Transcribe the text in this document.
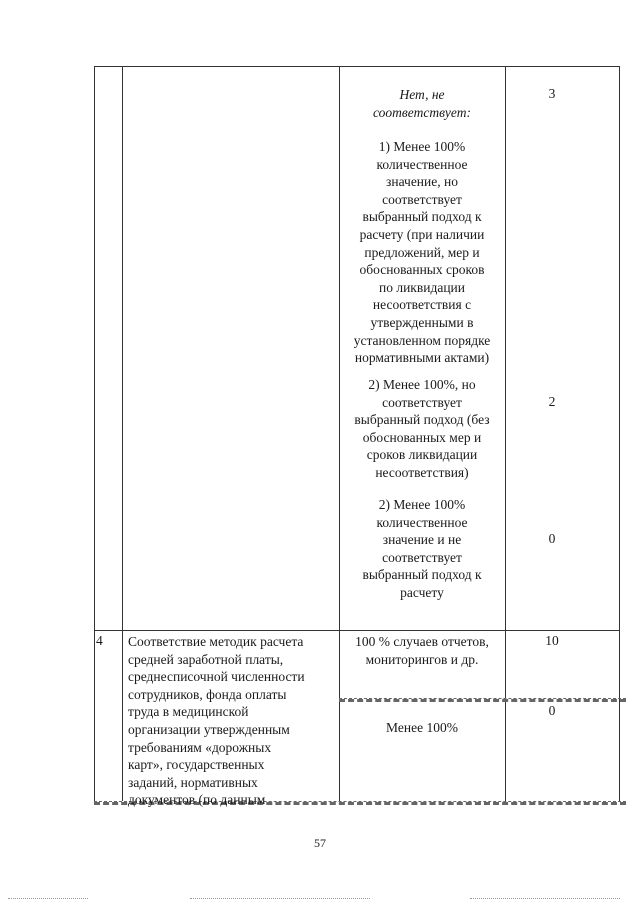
Нет, не
соответствует:
1) Менее 100%
количественное
значение, но
соответствует
выбранный подход к
расчету (при наличии
предложений, мер и
обоснованных сроков
по ликвидации
несоответствия с
утвержденными в
установленном порядке
нормативными актами)
2) Менее 100%, но
соответствует
выбранный подход (без
обоснованных мер и
сроков ликвидации
несоответствия)
2) Менее 100%
количественное
значение и не
соответствует
выбранный подход к
расчету
3
2
0
4	Соответствие методик расчета
средней заработной платы,
среднесписочной численности
сотрудников, фонда оплаты
труда в медицинской
организации утвержденным
требованиям «дорожных
карт», государственных
заданий, нормативных
документов (по данным
100 % случаев отчетов,
мониторингов и др.
Менее 100%
10
0
57
